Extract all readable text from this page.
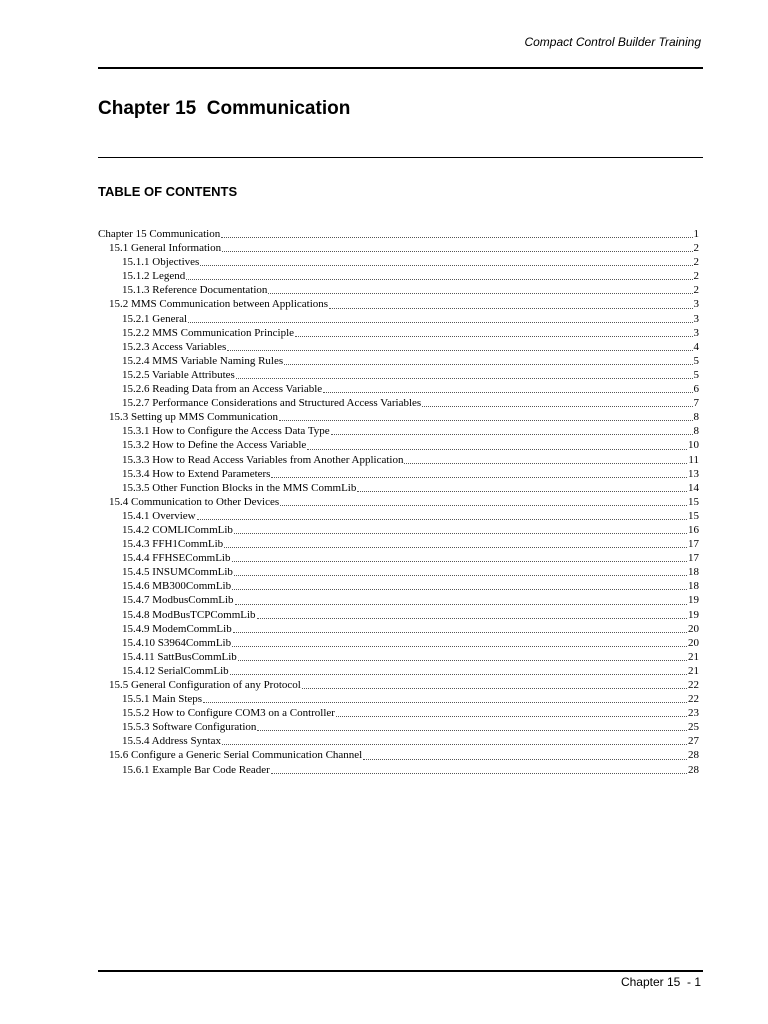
Compact Control Builder Training
Chapter 15  Communication
TABLE OF CONTENTS
Chapter 15 Communication	1
15.1 General Information	2
15.1.1 Objectives	2
15.1.2 Legend	2
15.1.3 Reference Documentation	2
15.2 MMS Communication between Applications	3
15.2.1 General	3
15.2.2 MMS Communication Principle	3
15.2.3 Access Variables	4
15.2.4 MMS Variable Naming Rules	5
15.2.5 Variable Attributes	5
15.2.6 Reading Data from an Access Variable	6
15.2.7 Performance Considerations and Structured Access Variables	7
15.3 Setting up MMS Communication	8
15.3.1 How to Configure the Access Data Type	8
15.3.2 How to Define the Access Variable	10
15.3.3 How to Read Access Variables from Another Application	11
15.3.4 How to Extend Parameters	13
15.3.5 Other Function Blocks in the MMS CommLib	14
15.4 Communication to Other Devices	15
15.4.1 Overview	15
15.4.2 COMLICommLib	16
15.4.3 FFH1CommLib	17
15.4.4 FFHSECommLib	17
15.4.5 INSUMCommLib	18
15.4.6 MB300CommLib	18
15.4.7 ModbusCommLib	19
15.4.8 ModBusTCPCommLib	19
15.4.9 ModemCommLib	20
15.4.10 S3964CommLib	20
15.4.11 SattBusCommLib	21
15.4.12 SerialCommLib	21
15.5 General Configuration of any Protocol	22
15.5.1 Main Steps	22
15.5.2 How to Configure COM3 on a Controller	23
15.5.3 Software Configuration	25
15.5.4 Address Syntax	27
15.6 Configure a Generic Serial Communication Channel	28
15.6.1 Example Bar Code Reader	28
Chapter 15  - 1
